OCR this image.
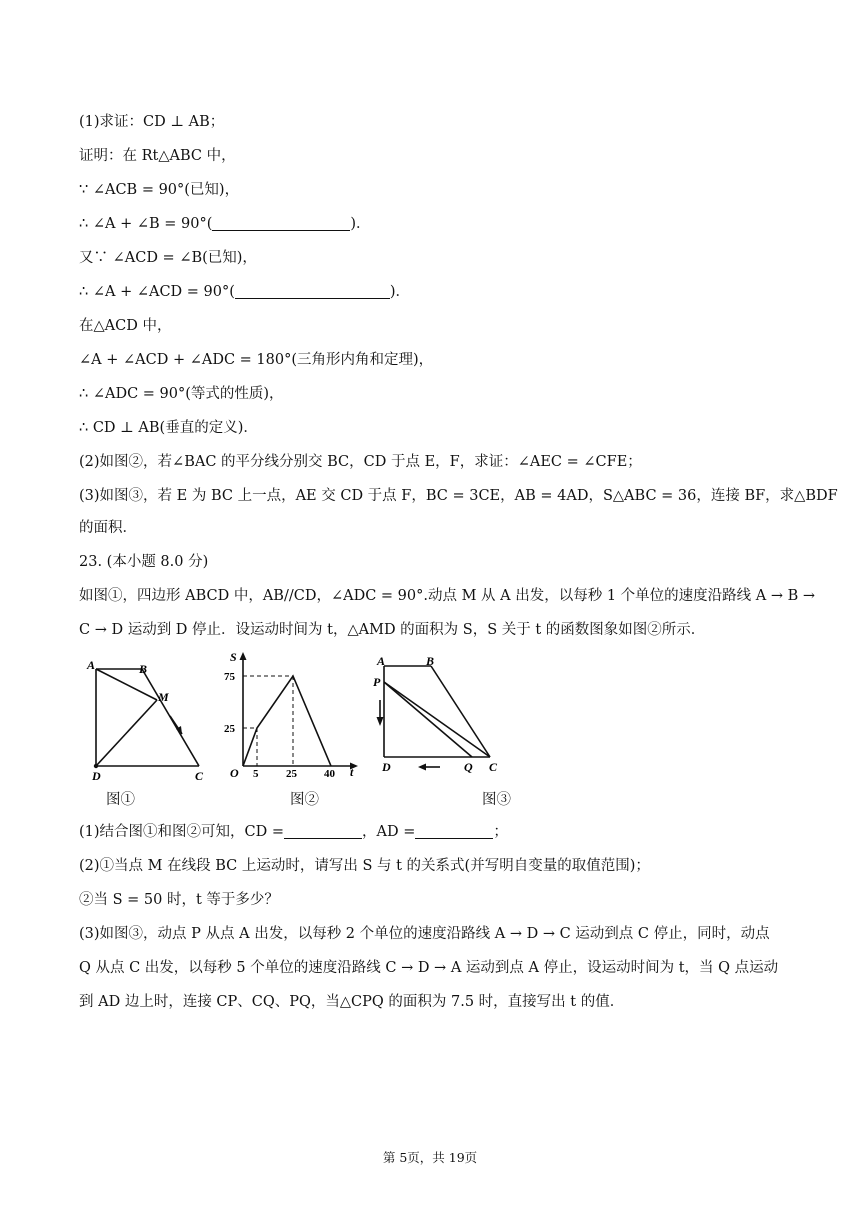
(1)求证：CD ⊥ AB；
证明：在 Rt△ABC 中，
∵ ∠ACB = 90°(已知)，
∴ ∠A + ∠B = 90°(	)．
又∵ ∠ACD = ∠B(已知)，
∴ ∠A + ∠ACD = 90°(	)．
在△ACD 中，
∠A + ∠ACD + ∠ADC = 180°(三角形内角和定理)，
∴ ∠ADC = 90°(等式的性质)，
∴ CD ⊥ AB(垂直的定义)．
(2)如图②，若∠BAC 的平分线分别交 BC，CD 于点 E，F，求证：∠AEC = ∠CFE；
(3)如图③，若 E 为 BC 上一点，AE 交 CD 于点 F，BC = 3CE，AB = 4AD，S△ABC = 36，连接 BF，求△BDF
的面积．
23. (本小题 8.0 分)
如图①，四边形 ABCD 中，AB//CD，∠ADC = 90°.动点 M 从 A 出发，以每秒 1 个单位的速度沿路线 A → B →
C → D 运动到 D 停止．设运动时间为 t，△AMD 的面积为 S，S 关于 t 的函数图象如图②所示．
A	B
M
D	C
图①
S
t
O
75
25
5	25 40
图②
A	B
P
D	Q C
图③
(1)结合图①和图②可知，CD =	，AD =	；
(2)①当点 M 在线段 BC 上运动时，请写出 S 与 t 的关系式(并写明自变量的取值范围)；
②当 S = 50 时，t 等于多少？
(3)如图③，动点 P 从点 A 出发，以每秒 2 个单位的速度沿路线 A → D → C 运动到点 C 停止，同时，动点
Q 从点 C 出发，以每秒 5 个单位的速度沿路线 C → D → A 运动到点 A 停止，设运动时间为 t，当 Q 点运动
到 AD 边上时，连接 CP、CQ、PQ，当△CPQ 的面积为 7.5 时，直接写出 t 的值．
第 5页，共 19页
